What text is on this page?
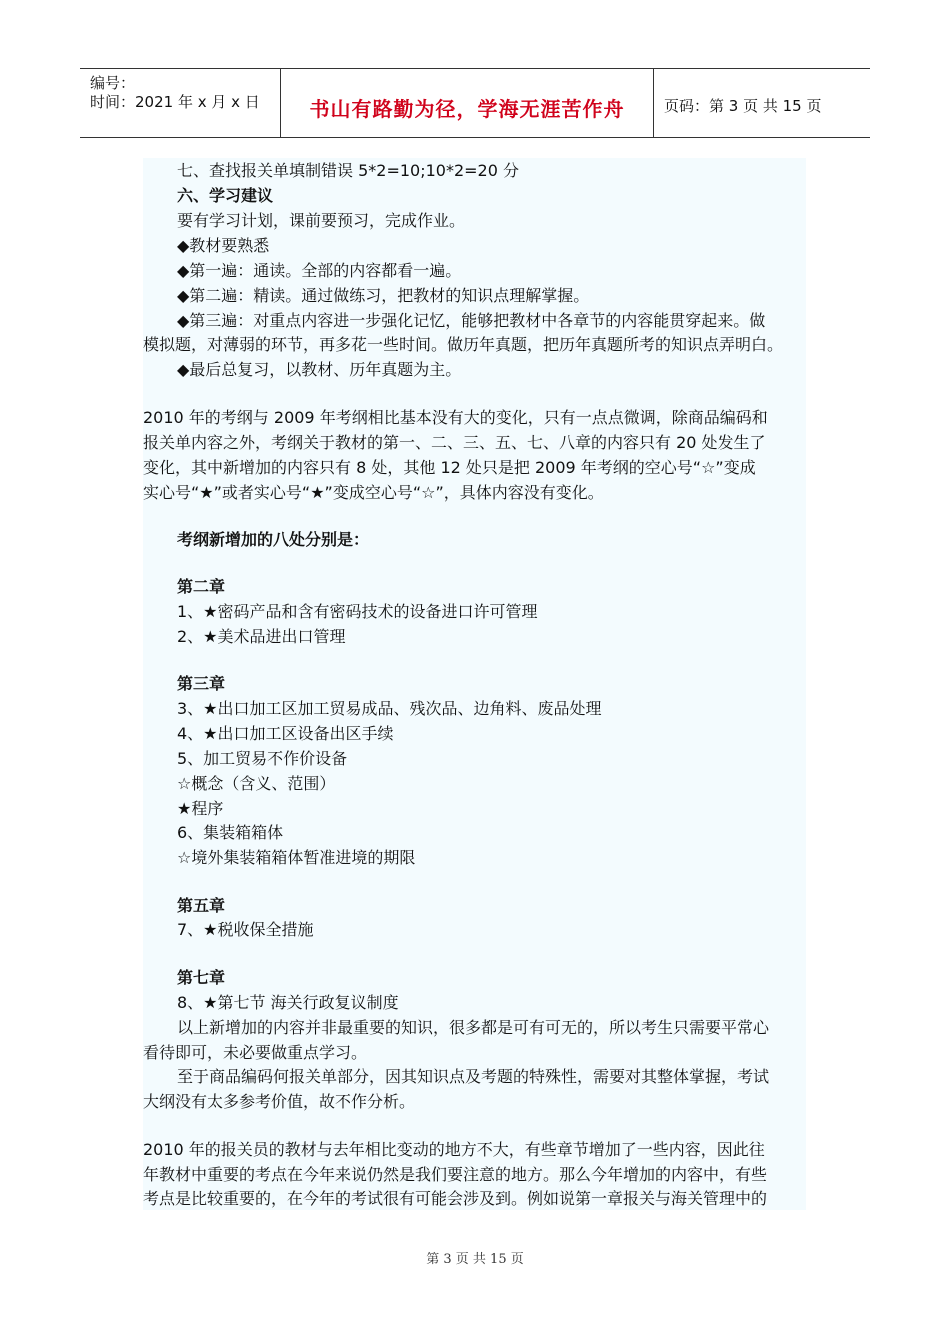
编号：
时间：2021 年 x 月 x 日	书山有路勤为径，学海无涯苦作舟	页码：第 3 页 共 15 页
七、查找报关单填制错误 5*2=10;10*2=20 分
六、学习建议
要有学习计划，课前要预习，完成作业。
◆教材要熟悉
◆第一遍：通读。全部的内容都看一遍。
◆第二遍：精读。通过做练习，把教材的知识点理解掌握。
◆第三遍：对重点内容进一步强化记忆，能够把教材中各章节的内容能贯穿起来。做
模拟题，对薄弱的环节，再多花一些时间。做历年真题，把历年真题所考的知识点弄明白。
◆最后总复习，以教材、历年真题为主。
2010 年的考纲与 2009 年考纲相比基本没有大的变化，只有一点点微调，除商品编码和
报关单内容之外，考纲关于教材的第一、二、三、五、七、八章的内容只有 20 处发生了
变化，其中新增加的内容只有 8 处，其他 12 处只是把 2009 年考纲的空心号“☆”变成
实心号“★”或者实心号“★”变成空心号“☆”，具体内容没有变化。
考纲新增加的八处分别是：
第二章
1、★密码产品和含有密码技术的设备进口许可管理
2、★美术品进出口管理
第三章
3、★出口加工区加工贸易成品、残次品、边角料、废品处理
4、★出口加工区设备出区手续
5、加工贸易不作价设备
☆概念（含义、范围）
★程序
6、集装箱箱体
☆境外集装箱箱体暂准进境的期限
第五章
7、★税收保全措施
第七章
8、★第七节 海关行政复议制度
以上新增加的内容并非最重要的知识，很多都是可有可无的，所以考生只需要平常心
看待即可，未必要做重点学习。
至于商品编码何报关单部分，因其知识点及考题的特殊性，需要对其整体掌握，考试
大纲没有太多参考价值，故不作分析。
2010 年的报关员的教材与去年相比变动的地方不大，有些章节增加了一些内容，因此往
年教材中重要的考点在今年来说仍然是我们要注意的地方。那么今年增加的内容中，有些
考点是比较重要的，在今年的考试很有可能会涉及到。例如说第一章报关与海关管理中的
第 3 页 共 15 页
